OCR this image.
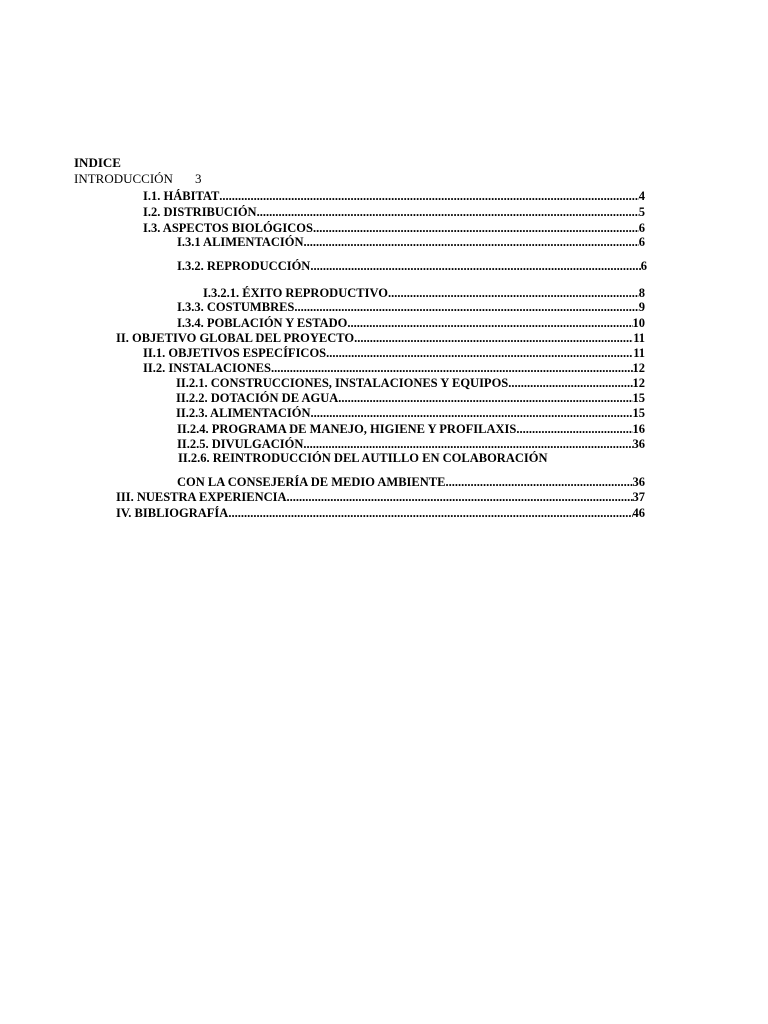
INDICE
INTRODUCCIÓN 3
I.1. HÁBITAT .....	4
I.2. DISTRIBUCIÓN .....	5
I.3. ASPECTOS BIOLÓGICOS .....	6
I.3.1 ALIMENTACIÓN .....	6
I.3.2. REPRODUCCIÓN .....	6
I.3.2.1. ÉXITO REPRODUCTIVO .....	8
I.3.3. COSTUMBRES .....	9
I.3.4. POBLACIÓN Y ESTADO .....	10
II. OBJETIVO GLOBAL DEL PROYECTO .....	11
II.1. OBJETIVOS ESPECÍFICOS .....	11
II.2. INSTALACIONES .....	12
II.2.1. CONSTRUCCIONES, INSTALACIONES Y EQUIPOS .....	12
II.2.2. DOTACIÓN DE AGUA .....	15
II.2.3. ALIMENTACIÓN .....	15
II.2.4. PROGRAMA DE MANEJO, HIGIENE Y PROFILAXIS .....	16
II.2.5. DIVULGACIÓN .....	36
II.2.6. REINTRODUCCIÓN DEL AUTILLO EN COLABORACIÓN
CON LA CONSEJERÍA DE MEDIO AMBIENTE .....	36
III. NUESTRA EXPERIENCIA .....	37
IV. BIBLIOGRAFÍA .....	46
